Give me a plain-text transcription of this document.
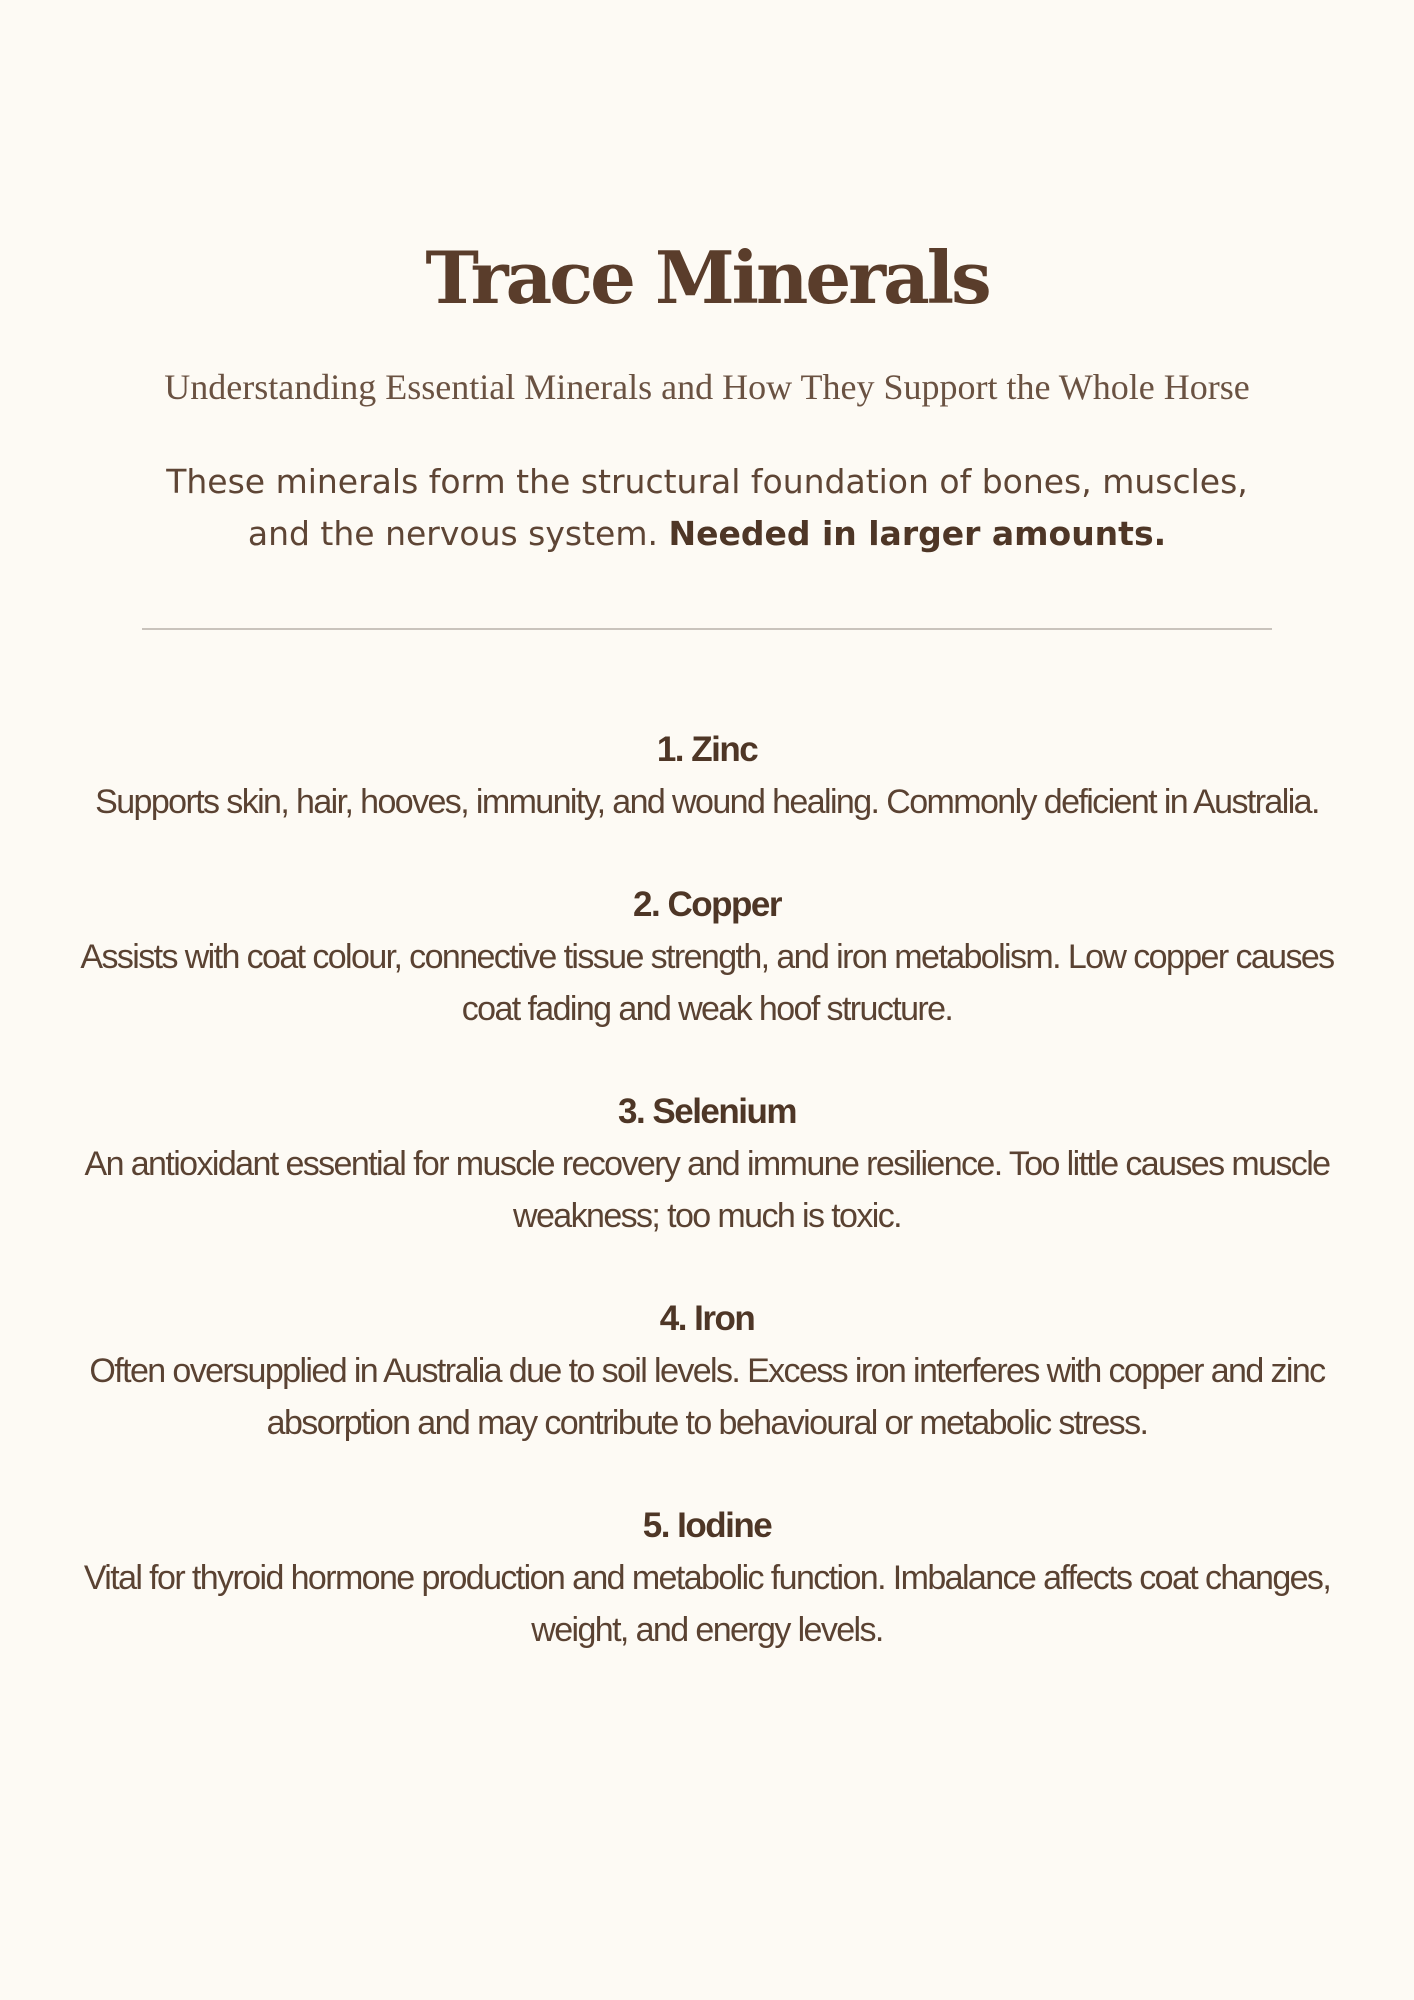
Trace Minerals
Understanding Essential Minerals and How They Support the Whole Horse

These minerals form the structural foundation of bones, muscles, and the nervous system. Needed in larger amounts.

1. Zinc
Supports skin, hair, hooves, immunity, and wound healing. Commonly deficient in Australia.
2. Copper
Assists with coat colour, connective tissue strength, and iron metabolism. Low copper causes coat fading and weak hoof structure.
3. Selenium
An antioxidant essential for muscle recovery and immune resilience. Too little causes muscle weakness; too much is toxic.
4. Iron
Often oversupplied in Australia due to soil levels. Excess iron interferes with copper and zinc absorption and may contribute to behavioural or metabolic stress.
5. Iodine
Vital for thyroid hormone production and metabolic function. Imbalance affects coat changes, weight, and energy levels.
